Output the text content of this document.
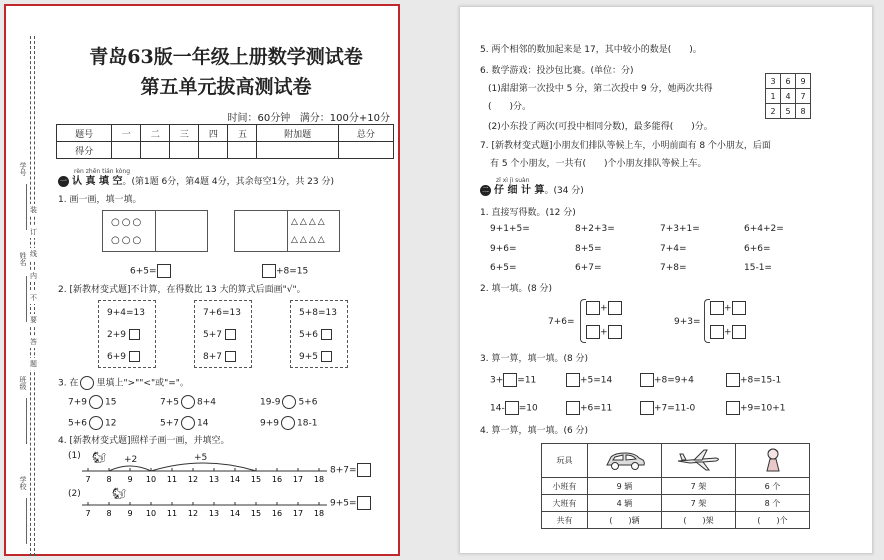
学号
姓名
班级
学校
装
订
线
内
不
要
答
题
青岛63版一年级上册数学测试卷
第五单元拔高测试卷
时间：60分钟 满分：100分+10分
题号	一	二	三	四	五	附加题	总分
得分							
rèn zhēn tián kòng
一 认 真 填 空。(第1题 6分，第4题 4分，其余每空1分，共 23 分)
1. 画一画，填一填。
○○○
○○○
△△△△
△△△△
6+5=	+8=15
2. [新教材变式题]不计算，在得数比 13 大的算式后面画"√"。
9+4=13
2+9
6+9
7+6=13
5+7
8+7
5+8=13
5+6
9+5
3. 在 里填上">""<"或"="。
7+9 15	7+5 8+4	19-9 5+6
5+6 12	5+7 14	9+9 18-1
4. [新教材变式题]照样子画一画，并填空。
(1)
(2)
7 8 9 10 11 12 13 14 15 16 17 18
7 8 9 10 11 12 13 14 15 16 17 18
🐿
🐿
+2	+5
8+7=
9+5=
5. 两个相邻的数加起来是 17，其中较小的数是(　　)。
6. 数学游戏：投沙包比赛。(单位：分)
(1)甜甜第一次投中 5 分，第二次投中 9 分，她两次共得
(　　)分。
(2)小东投了两次(可投中相同分数)，最多能得(　　)分。
3	6	9
1	4	7
2	5	8
7. [新教材变式题]小朋友们排队等候上车，小明前面有 8 个小朋友，后面
有 5 个小朋友，一共有(　　)个小朋友排队等候上车。
zǐ xì jì suàn
二 仔 细 计 算。(34 分)
1. 直接写得数。(12 分)
9+1+5=	8+2+3=	7+3+1=	6+4+2=
9+6=	8+5=	7+4=	6+6=
6+5=	6+7=	7+8=	15-1=
2. 填一填。(8 分)
7+6=
+
+
9+3=
+
+
3. 算一算，填一填。(8 分)
3+ =11	+5=14	+8=9+4	+8=15-1
14- =10	+6=11	+7=11-0	+9=10+1
4. 算一算，填一填。(6 分)
玩具			
小班有	9 辆	7 架	6 个
大班有	4 辆	7 架	8 个
共有	(　　)辆	(　　)架	(　　)个
